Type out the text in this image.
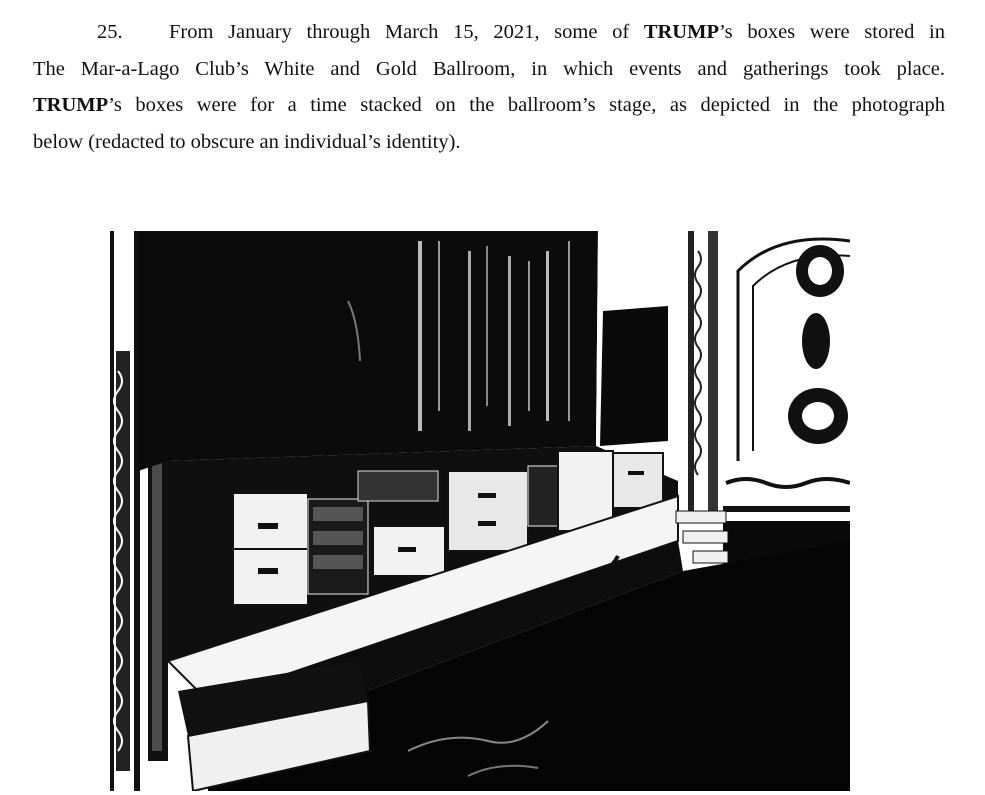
25. From January through March 15, 2021, some of TRUMP’s boxes were stored in
The Mar-a-Lago Club’s White and Gold Ballroom, in which events and gatherings took place.
TRUMP’s boxes were for a time stacked on the ballroom’s stage, as depicted in the photograph
below (redacted to obscure an individual’s identity).
